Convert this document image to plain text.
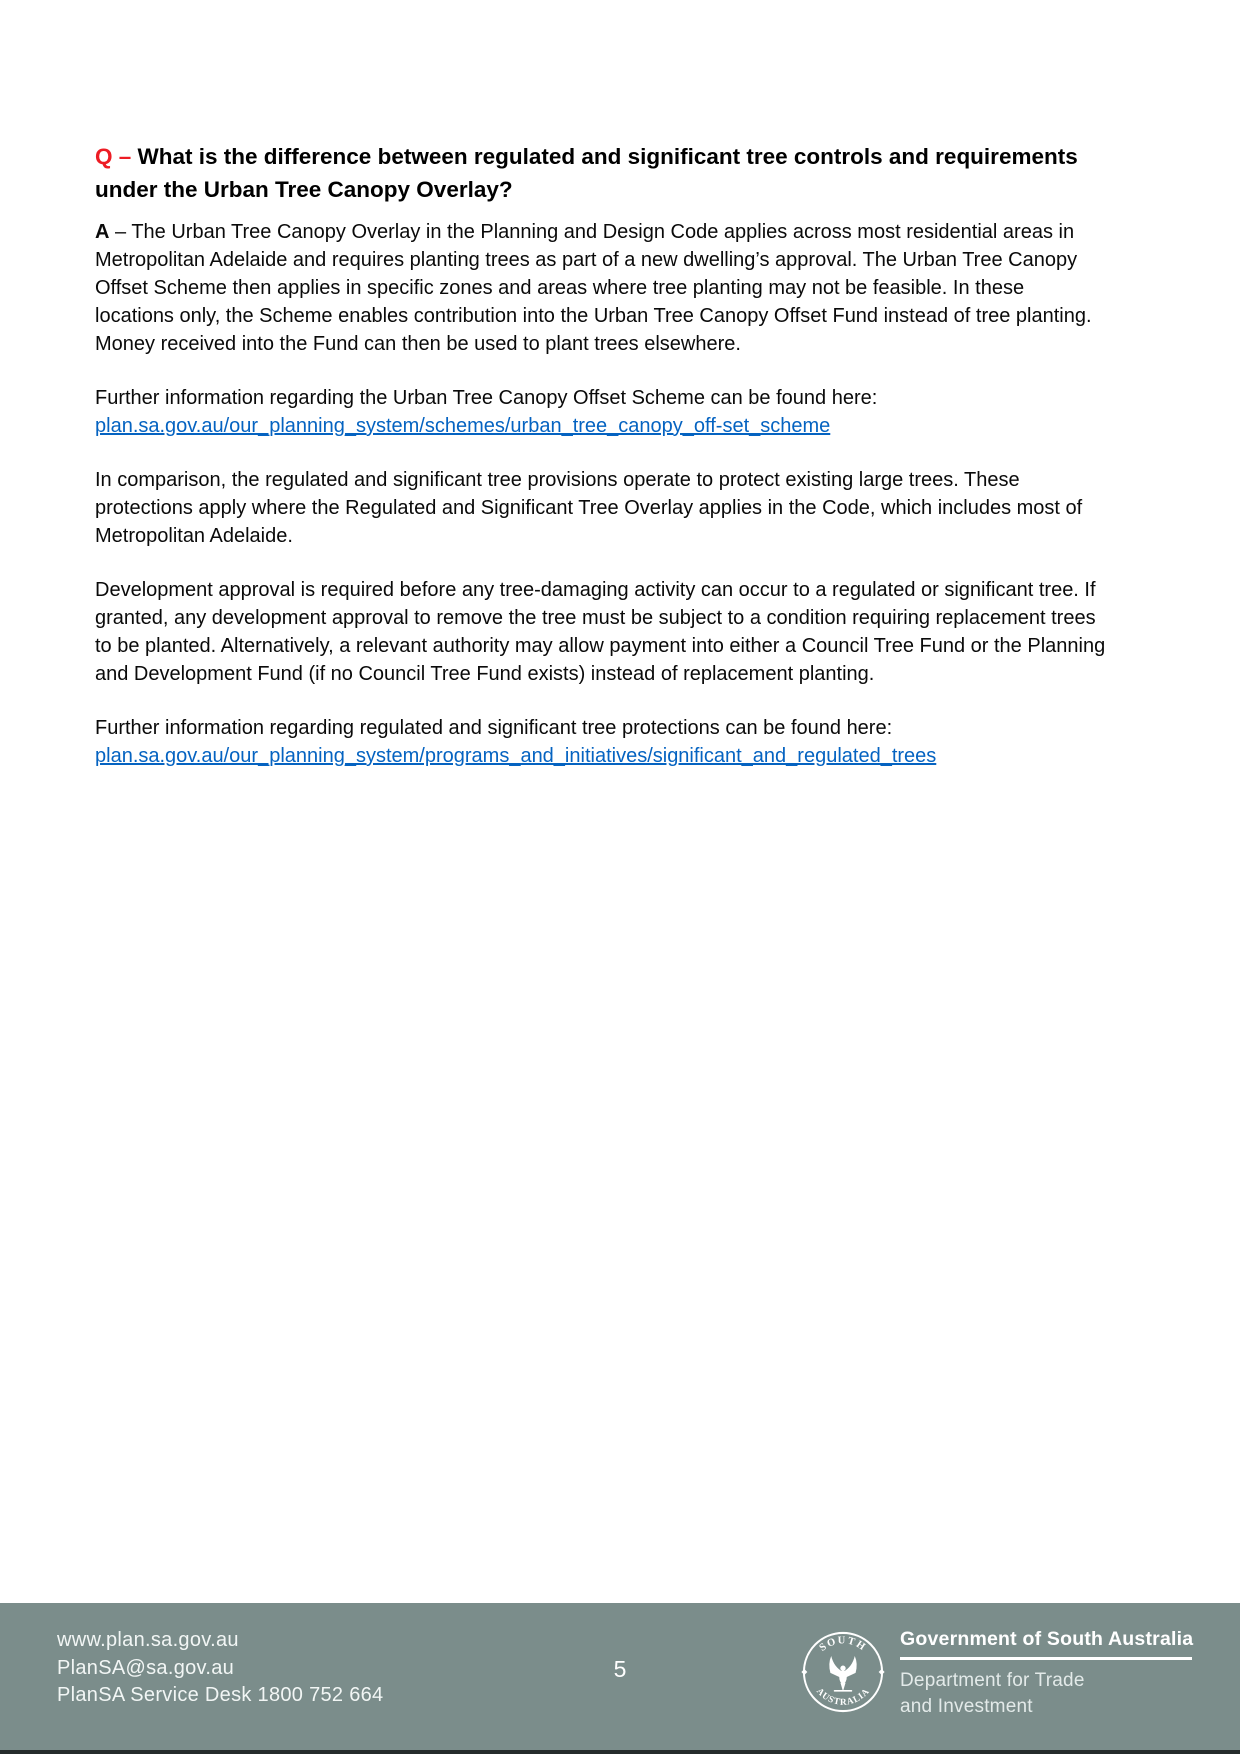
Q – What is the difference between regulated and significant tree controls and requirements under the Urban Tree Canopy Overlay?

A – The Urban Tree Canopy Overlay in the Planning and Design Code applies across most residential areas in Metropolitan Adelaide and requires planting trees as part of a new dwelling’s approval. The Urban Tree Canopy Offset Scheme then applies in specific zones and areas where tree planting may not be feasible. In these locations only, the Scheme enables contribution into the Urban Tree Canopy Offset Fund instead of tree planting. Money received into the Fund can then be used to plant trees elsewhere.

Further information regarding the Urban Tree Canopy Offset Scheme can be found here:
plan.sa.gov.au/our_planning_system/schemes/urban_tree_canopy_off-set_scheme

In comparison, the regulated and significant tree provisions operate to protect existing large trees. These protections apply where the Regulated and Significant Tree Overlay applies in the Code, which includes most of Metropolitan Adelaide.

Development approval is required before any tree-damaging activity can occur to a regulated or significant tree. If granted, any development approval to remove the tree must be subject to a condition requiring replacement trees to be planted. Alternatively, a relevant authority may allow payment into either a Council Tree Fund or the Planning and Development Fund (if no Council Tree Fund exists) instead of replacement planting.

Further information regarding regulated and significant tree protections can be found here:
plan.sa.gov.au/our_planning_system/programs_and_initiatives/significant_and_regulated_trees

www.plan.sa.gov.au
PlanSA@sa.gov.au
PlanSA Service Desk 1800 752 664
5
SOUTH
AUSTRALIA
Government of South Australia
Department for Trade
and Investment
